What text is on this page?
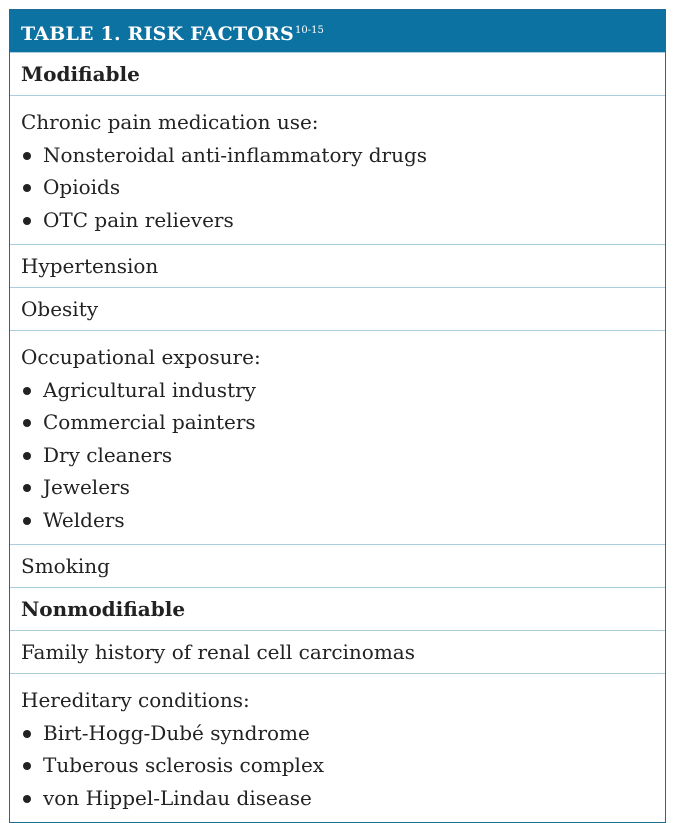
TABLE 1. RISK FACTORS$^{10-15}$
Modifiable
Chronic pain medication use:
Nonsteroidal anti-inflammatory drugs
Opioids
OTC pain relievers
Hypertension
Obesity
Occupational exposure:
Agricultural industry
Commercial painters
Dry cleaners
Jewelers
Welders
Smoking
Nonmodifiable
Family history of renal cell carcinomas
Hereditary conditions:
Birt-Hogg-Dubé syndrome
Tuberous sclerosis complex
von Hippel-Lindau disease
